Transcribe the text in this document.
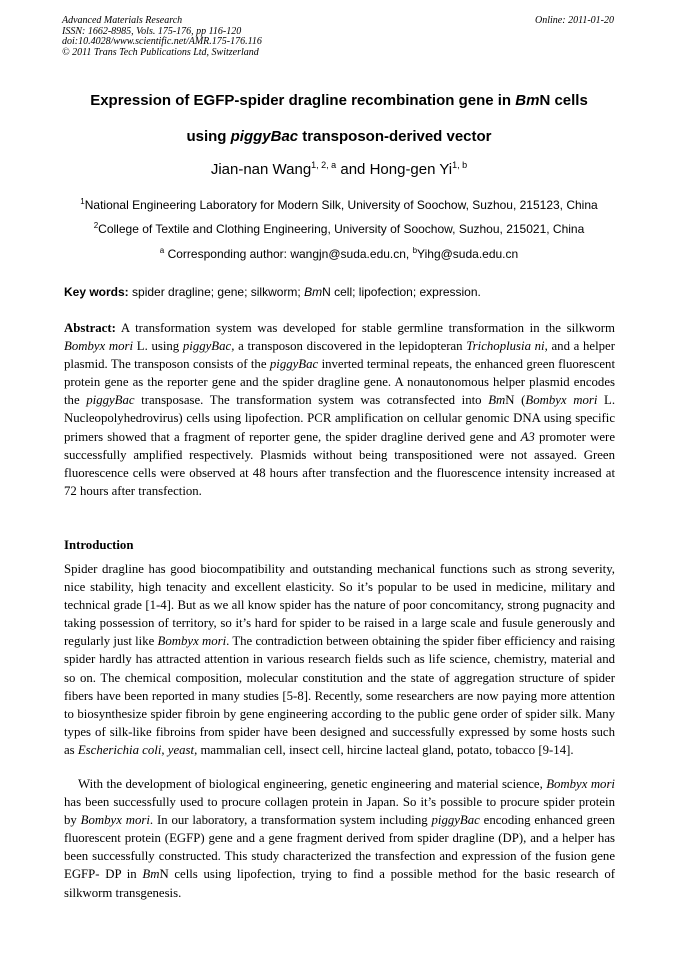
Advanced Materials Research
ISSN: 1662-8985, Vols. 175-176, pp 116-120
doi:10.4028/www.scientific.net/AMR.175-176.116
© 2011 Trans Tech Publications Ltd, Switzerland
Online: 2011-01-20
Expression of EGFP-spider dragline recombination gene in BmN cells
using piggyBac transposon-derived vector
Jian-nan Wang$^{1, 2, a}$ and Hong-gen Yi$^{1, b}$
$^1$National Engineering Laboratory for Modern Silk, University of Soochow, Suzhou, 215123, China
$^2$College of Textile and Clothing Engineering, University of Soochow, Suzhou, 215021, China
$^a$ Corresponding author: wangjn@suda.edu.cn, $^b$Yihg@suda.edu.cn
Key words: spider dragline; gene; silkworm; BmN cell; lipofection; expression.

Abstract: A transformation system was developed for stable germline transformation in the silkworm Bombyx mori L. using piggyBac, a transposon discovered in the lepidopteran Trichoplusia ni, and a helper plasmid. The transposon consists of the piggyBac inverted terminal repeats, the enhanced green fluorescent protein gene as the reporter gene and the spider dragline gene. A nonautonomous helper plasmid encodes the piggyBac transposase. The transformation system was cotransfected into BmN (Bombyx mori L. Nucleopolyhedrovirus) cells using lipofection. PCR amplification on cellular genomic DNA using specific primers showed that a fragment of reporter gene, the spider dragline derived gene and A3 promoter were successfully amplified respectively. Plasmids without being transpositioned were not assayed. Green fluorescence cells were observed at 48 hours after transfection and the fluorescence intensity increased at 72 hours after transfection.

Introduction

Spider dragline has good biocompatibility and outstanding mechanical functions such as strong severity, nice stability, high tenacity and excellent elasticity. So it’s popular to be used in medicine, military and technical grade [1-4]. But as we all know spider has the nature of poor concomitancy, strong pugnacity and taking possession of territory, so it’s hard for spider to be raised in a large scale and fusule generously and regularly just like Bombyx mori. The contradiction between obtaining the spider fiber efficiency and raising spider hardly has attracted attention in various research fields such as life science, chemistry, material and so on. The chemical composition, molecular constitution and the state of aggregation structure of spider fibers have been reported in many studies [5-8]. Recently, some researchers are now paying more attention to biosynthesize spider fibroin by gene engineering according to the public gene order of spider silk. Many types of silk-like fibroins from spider have been designed and successfully expressed by some hosts such as Escherichia coli, yeast, mammalian cell, insect cell, hircine lacteal gland, potato, tobacco [9-14].

With the development of biological engineering, genetic engineering and material science, Bombyx mori has been successfully used to procure collagen protein in Japan. So it’s possible to procure spider protein by Bombyx mori. In our laboratory, a transformation system including piggyBac encoding enhanced green fluorescent protein (EGFP) gene and a gene fragment derived from spider dragline (DP), and a helper has been successfully constructed. This study characterized the transfection and expression of the fusion gene EGFP- DP in BmN cells using lipofection, trying to find a possible method for the basic research of silkworm transgenesis.
